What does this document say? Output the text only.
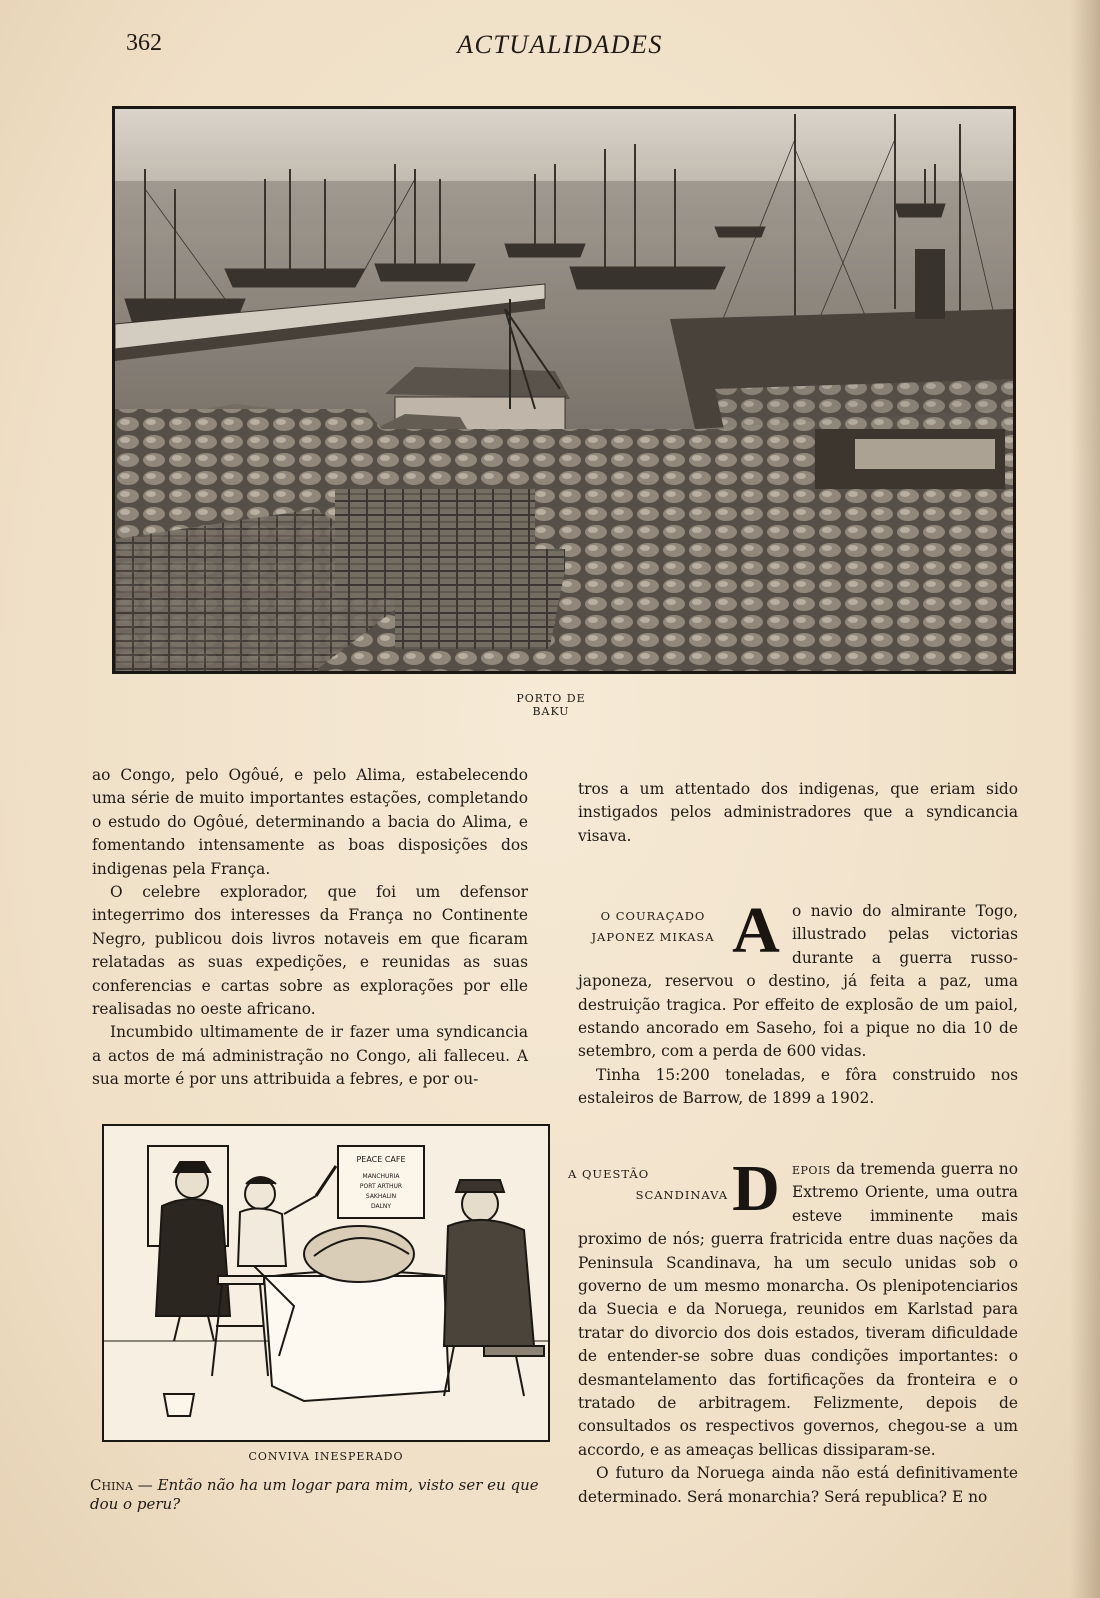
362	ACTUALIDADES
PORTO DE BAKU

ao Congo, pelo Ogôué, e pelo Alima, estabelecendo uma série de muito importantes estações, completando o estudo do Ogôué, determinando a bacia do Alima, e fomentando intensamente as boas disposições dos indigenas pela França.

O celebre explorador, que foi um defensor integerrimo dos interesses da França no Continente Negro, publicou dois livros notaveis em que ficaram relatadas as suas expedições, e reunidas as suas conferencias e cartas sobre as explorações por elle realisadas no oeste africano.

Incumbido ultimamente de ir fazer uma syndicancia a actos de má administração no Congo, ali falleceu. A sua morte é por uns attribuida a febres, e por ou-

PEACE CAFE
MANCHURIA
PORT ARTHUR
SAKHALIN
DALNY
CONVIVA INESPERADO
China — Então não ha um logar para mim, visto ser eu que dou o peru?

tros a um attentado dos indigenas, que eriam sido instigados pelos administradores que a syndicancia visava.

O COURAÇADO
JAPONEZ MIKASA A o navio do almirante Togo, illustrado pelas victorias durante a guerra russo-japoneza, reservou o destino, já feita a paz, uma destruição tragica. Por effeito de explosão de um paiol, estando ancorado em Saseho, foi a pique no dia 10 de setembro, com a perda de 600 vidas.

Tinha 15:200 toneladas, e fôra construido nos estaleiros de Barrow, de 1899 a 1902.

A QUESTÃO
SCANDINAVA D epois da tremenda guerra no Extremo Oriente, uma outra esteve imminente mais proximo de nós; guerra fratricida entre duas nações da Peninsula Scandinava, ha um seculo unidas sob o governo de um mesmo monarcha. Os plenipotenciarios da Suecia e da Noruega, reunidos em Karlstad para tratar do divorcio dos dois estados, tiveram dificuldade de entender-se sobre duas condições importantes: o desmantelamento das fortificações da fronteira e o tratado de arbitragem. Felizmente, depois de consultados os respectivos governos, chegou-se a um accordo, e as ameaças bellicas dissiparam-se.

O futuro da Noruega ainda não está definitivamente determinado. Será monarchia? Será republica? E no
